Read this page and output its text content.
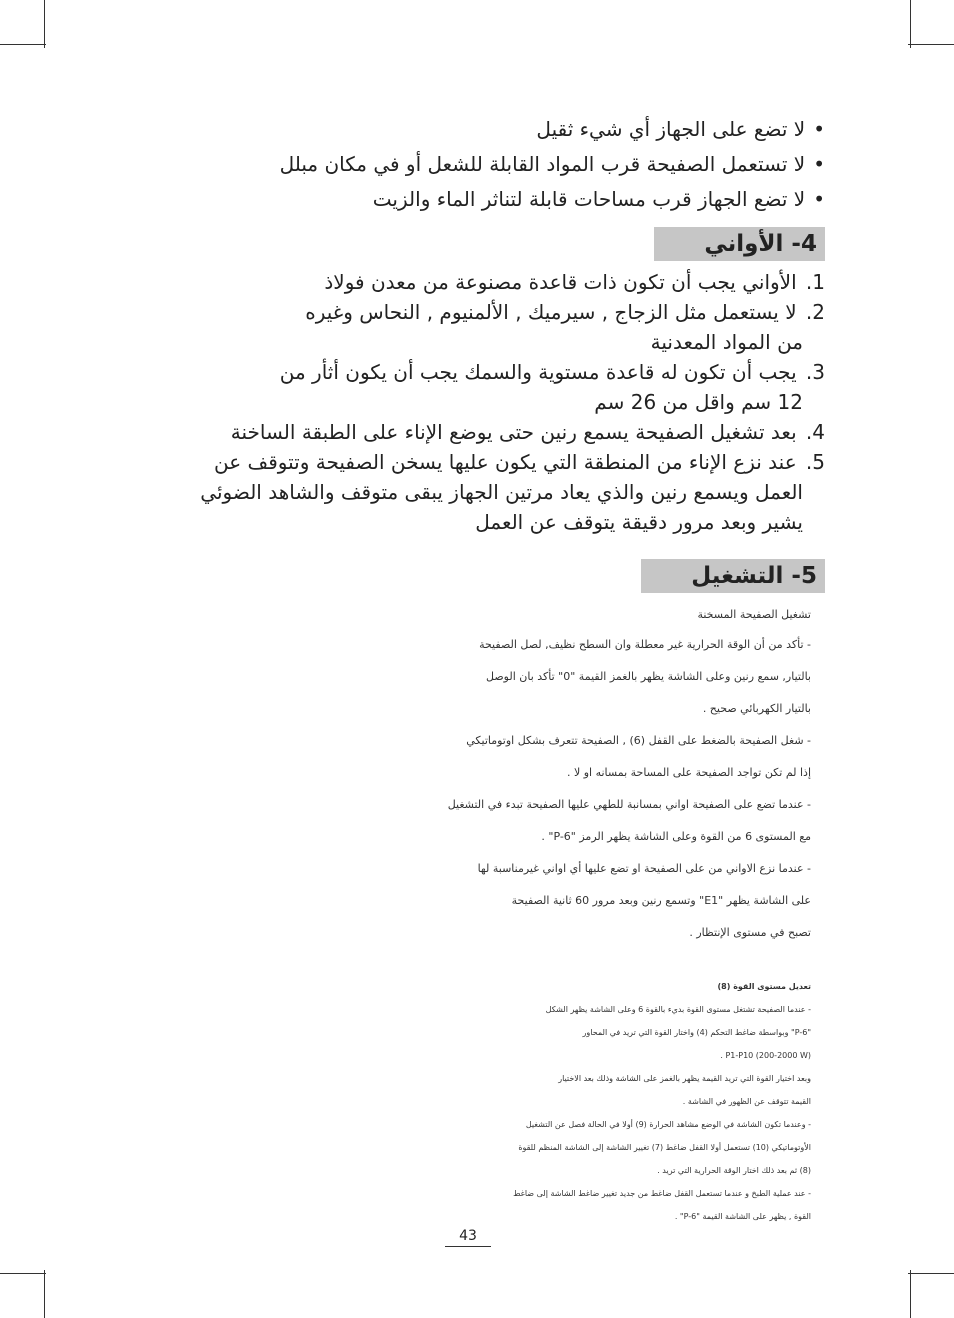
• لا تضع على الجهاز أي شيء ثقيل
• لا تستعمل الصفيحة قرب المواد القابلة للشعل أو في مكان مبلل
• لا تضع الجهاز قرب مساحات قابلة لتناثر الماء والزيت
4- الأواني
1. الأواني يجب أن تكون ذات قاعدة مصنوعة من معدن فولاذ
2. لا يستعمل مثل الزجاج , سيرميك , الألمنيوم , النحاس وغيره
من المواد المعدنية
3. يجب أن تكون له قاعدة مستوية والسمك يجب أن يكون أثأر من
12 سم واقل من 26 سم
4. بعد تشغيل الصفيحة يسمع رنين حتى يوضع الإناء على الطبقة الساخنة
5. عند نزع الإناء من المنطقة التي يكون عليها يسخن الصفيحة وتتوقف عن
العمل ويسمع رنين والذي يعاد مرتين الجهاز يبقى متوقف والشاهد الضوئي يشير وبعد مرور دقيقة يتوقف عن العمل
5- التشغيل
تشغيل الصفيحة المسخنة
- تأكد من أن الوقة الحرارية غير معطلة وان السطح نظيف, لصل الصفيحة
بالتيار, سمع رنين وعلى الشاشة يظهر بالغمز القيمة "0" تأكد بان الوصل
بالتيار الكهربائي صحيح .
- شغل الصفيحة بالضغط على القفل (6) , الصفيحة تتعرف بشكل اوتوماتيكي
إذا لم تكن تواجد الصفيحة على المساحة بمسانه او لا .
- عندما تضع على الصفيحة اواني بمسانبة للطهي عليها الصفيحة تبدء في التشغيل
مع المستوى 6 من القوة وعلى الشاشة يظهر الرمز "P-6" .
- عندما نزع الاواني من على الصفيحة او تضع عليها أي اواني غيرمناسبة لها
على الشاشة يظهر "E1" وتسمع رنين وبعد مرور 60 ثانية الصفيحة
تصبح في مستوى الإنتظار .
تعديل مستوى القوة (8)
- عندما الصفيحة تشتغل مستوى القوة بديء بالقوة 6 وعلى الشاشة يظهر الشكل
"P-6" وبواسطة ضاغط التحكم (4) واختار القوة التي تريد في المحاور
P1-P10 (200-2000 W) .
وبعد اختيار القوة التي تريد القيمة يظهر بالغمز على الشاشة وذلك بعد الاختيار
القيمة تتوقف عن الظهور في الشاشة .
- وعندما تكون الشاشة في الوضع مشاهد الحرارة (9) أولا في الحالة فصل عن التشغيل
الأوتوماتيكي (10) تستعمل أولا القفل ضاغط (7) تغيير الشاشة إلى الشاشة المنظم للقوة
(8) ثم بعد ذلك اختار الوقة الحرارية التي تريد .
- عند عملية الطبخ و عندما تستعمل القفل ضاغط من جديد تغيير ضاغط الشاشة إلى ضاغط
القوة , يظهر على الشاشة القيمة "P-6" .
43
